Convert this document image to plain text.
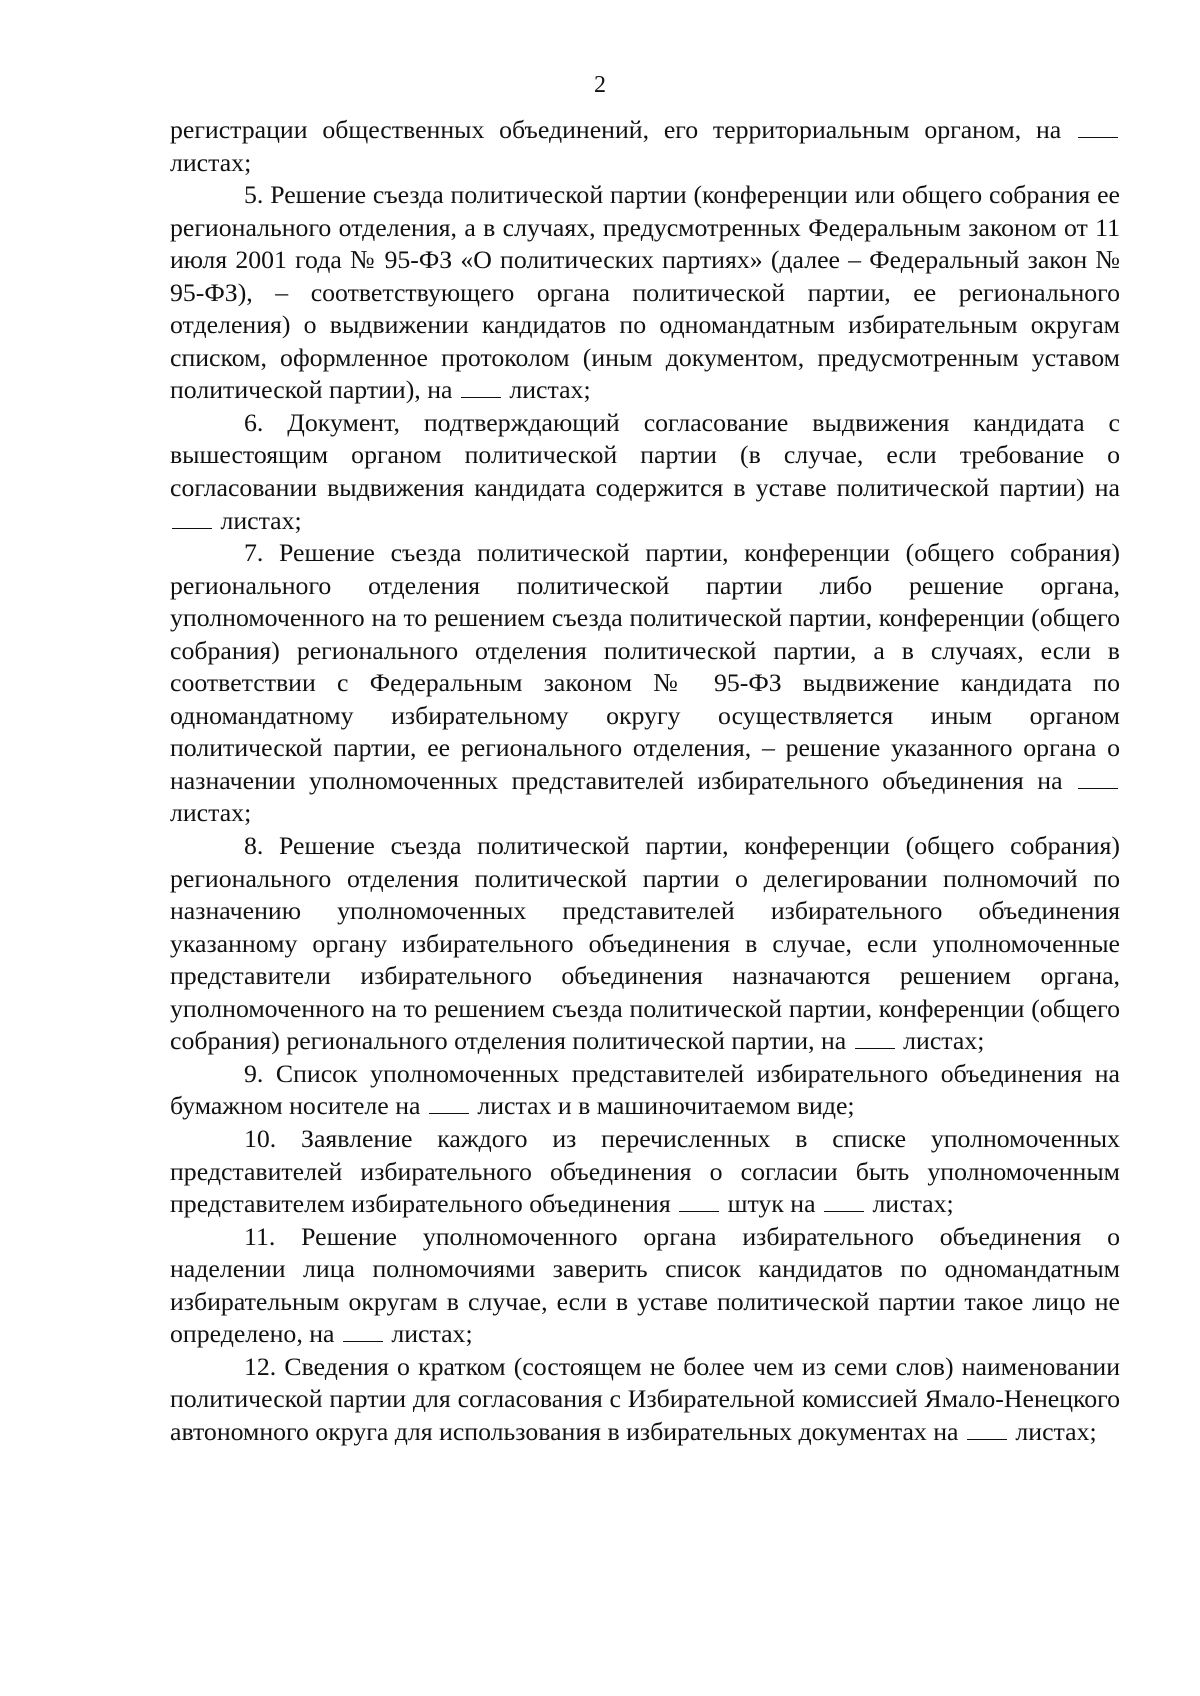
2

регистрации общественных объединений, его территориальным органом, на  листах;

5. Решение съезда политической партии (конференции или общего собрания ее регионального отделения, а в случаях, предусмотренных Федеральным законом от 11 июля 2001 года № 95-ФЗ «О политических партиях» (далее – Федеральный закон № 95-ФЗ), – соответствующего органа политической партии, ее регионального отделения) о выдвижении кандидатов по одномандатным избирательным округам списком, оформленное протоколом (иным документом, предусмотренным уставом политической партии), на листах;

6. Документ, подтверждающий согласование выдвижения кандидата с вышестоящим органом политической партии (в случае, если требование о согласовании выдвижения кандидата содержится в уставе политической партии) на  листах;

7. Решение съезда политической партии, конференции (общего собрания) регионального отделения политической партии либо решение органа, уполномоченного на то решением съезда политической партии, конференции (общего собрания) регионального отделения политической партии, а в случаях, если в соответствии с Федеральным законом № 95-ФЗ выдвижение кандидата по одномандатному избирательному округу осуществляется иным органом политической партии, ее регионального отделения, – решение указанного органа о назначении уполномоченных представителей избирательного объединения на  листах;

8. Решение съезда политической партии, конференции (общего собрания) регионального отделения политической партии о делегировании полномочий по назначению уполномоченных представителей избирательного объединения указанному органу избирательного объединения в случае, если уполномоченные представители избирательного объединения назначаются решением органа, уполномоченного на то решением съезда политической партии, конференции (общего собрания) регионального отделения политической партии, на листах;

9. Список уполномоченных представителей избирательного объединения на бумажном носителе на листах и в машиночитаемом виде;

10. Заявление каждого из перечисленных в списке уполномоченных представителей избирательного объединения о согласии быть уполномоченным представителем избирательного объединения штук на листах;

11. Решение уполномоченного органа избирательного объединения о наделении лица полномочиями заверить список кандидатов по одномандатным избирательным округам в случае, если в уставе политической партии такое лицо не определено, на листах;

12. Сведения о кратком (состоящем не более чем из семи слов) наименовании политической партии для согласования с Избирательной комиссией Ямало-Ненецкого автономного округа для использования в избирательных документах на листах;
